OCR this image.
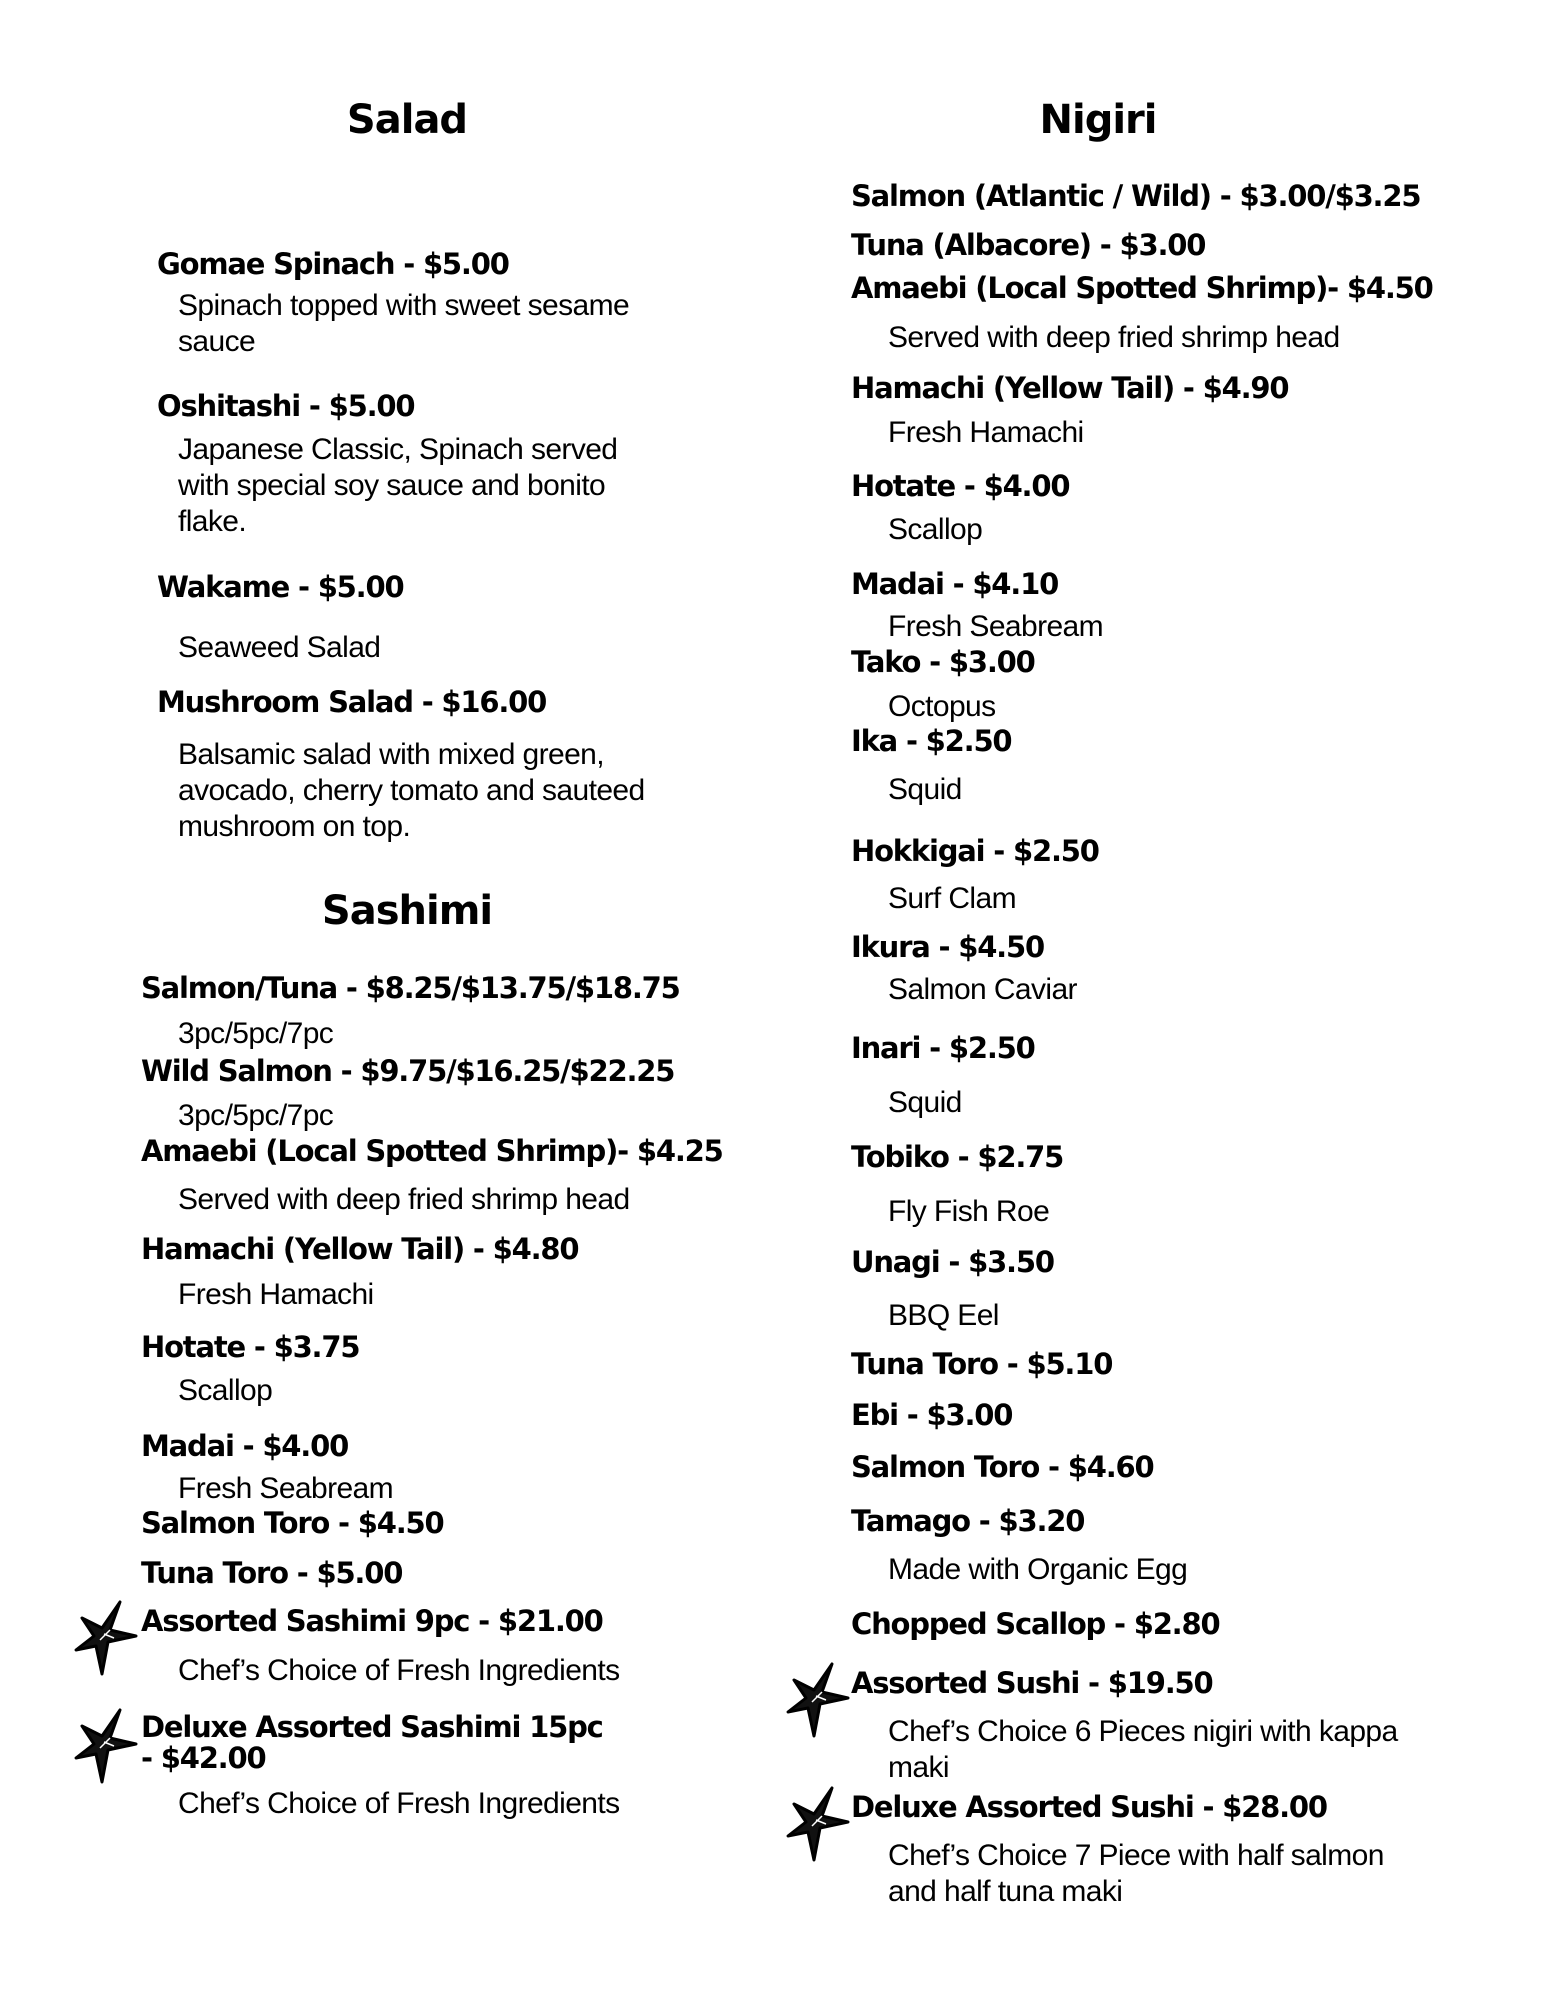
Salad
Gomae Spinach - $5.00
Spinach topped with sweet sesame sauce
Oshitashi - $5.00
Japanese Classic, Spinach served with special soy sauce and bonito flake.
Wakame - $5.00
Seaweed Salad
Mushroom Salad - $16.00
Balsamic salad with mixed green, avocado, cherry tomato and sauteed mushroom on top.
Sashimi
Salmon/Tuna - $8.25/$13.75/$18.75
3pc/5pc/7pc
Wild Salmon - $9.75/$16.25/$22.25
3pc/5pc/7pc
Amaebi (Local Spotted Shrimp)- $4.25
Served with deep fried shrimp head
Hamachi (Yellow Tail) - $4.80
Fresh Hamachi
Hotate - $3.75
Scallop
Madai - $4.00
Fresh Seabream
Salmon Toro - $4.50
Tuna Toro - $5.00
Assorted Sashimi 9pc - $21.00
Chef’s Choice of Fresh Ingredients
Deluxe Assorted Sashimi 15pc - $42.00
Chef’s Choice of Fresh Ingredients
Nigiri
Salmon (Atlantic / Wild) - $3.00/$3.25
Tuna (Albacore) - $3.00
Amaebi (Local Spotted Shrimp)- $4.50
Served with deep fried shrimp head
Hamachi (Yellow Tail) - $4.90
Fresh Hamachi
Hotate - $4.00
Scallop
Madai - $4.10
Fresh Seabream
Tako - $3.00
Octopus
Ika - $2.50
Squid
Hokkigai - $2.50
Surf Clam
Ikura - $4.50
Salmon Caviar
Inari - $2.50
Squid
Tobiko - $2.75
Fly Fish Roe
Unagi - $3.50
BBQ Eel
Tuna Toro - $5.10
Ebi - $3.00
Salmon Toro - $4.60
Tamago - $3.20
Made with Organic Egg
Chopped Scallop - $2.80
Assorted Sushi - $19.50
Chef’s Choice 6 Pieces nigiri with kappa maki
Deluxe Assorted Sushi - $28.00
Chef’s Choice 7 Piece with half salmon and half tuna maki
